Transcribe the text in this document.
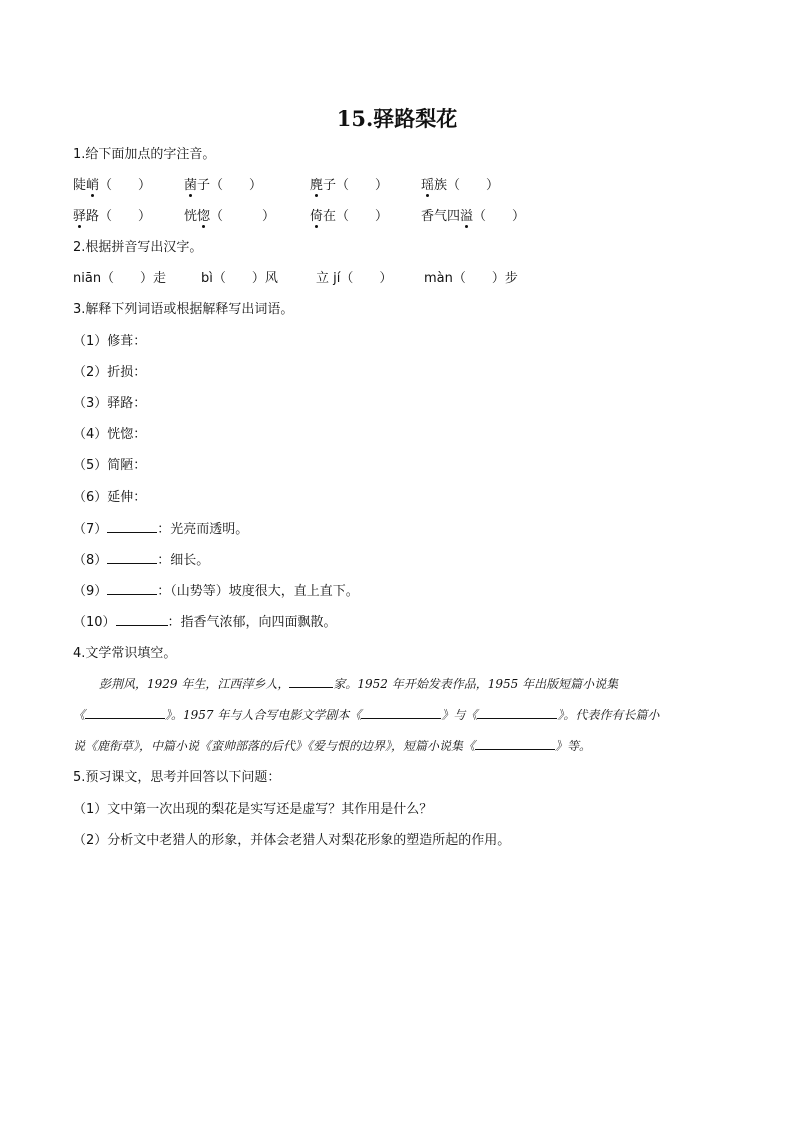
15.驿路梨花
1.给下面加点的字注音。
陡峭（　　）	菌子（　　）	麂子（　　）	瑶族（　　）
驿路（　　）	恍惚（　　　）	倚在（　　）	香气四溢（　　）
2.根据拼音写出汉字。
niān（　　）走	bì（　　）风	立 jí（　　） màn（　　）步
3.解释下列词语或根据解释写出词语。
（1）修葺：
（2）折损：
（3）驿路：
（4）恍惚：
（5）简陋：
（6）延伸：
（7）	：光亮而透明。
（8）	：细长。
（9）	：（山势等）坡度很大，直上直下。
（10）	：指香气浓郁，向四面飘散。
4.文学常识填空。
彭荆风，1929 年生，江西萍乡人，	家。1952 年开始发表作品，1955 年出版短篇小说集
《	》。1957 年与人合写电影文学剧本《	》与《	》。代表作有长篇小
说《鹿衔草》，中篇小说《蛮帅部落的后代》《爱与恨的边界》，短篇小说集《	》等。
5.预习课文，思考并回答以下问题：
（1）文中第一次出现的梨花是实写还是虚写？其作用是什么？
（2）分析文中老猎人的形象，并体会老猎人对梨花形象的塑造所起的作用。
